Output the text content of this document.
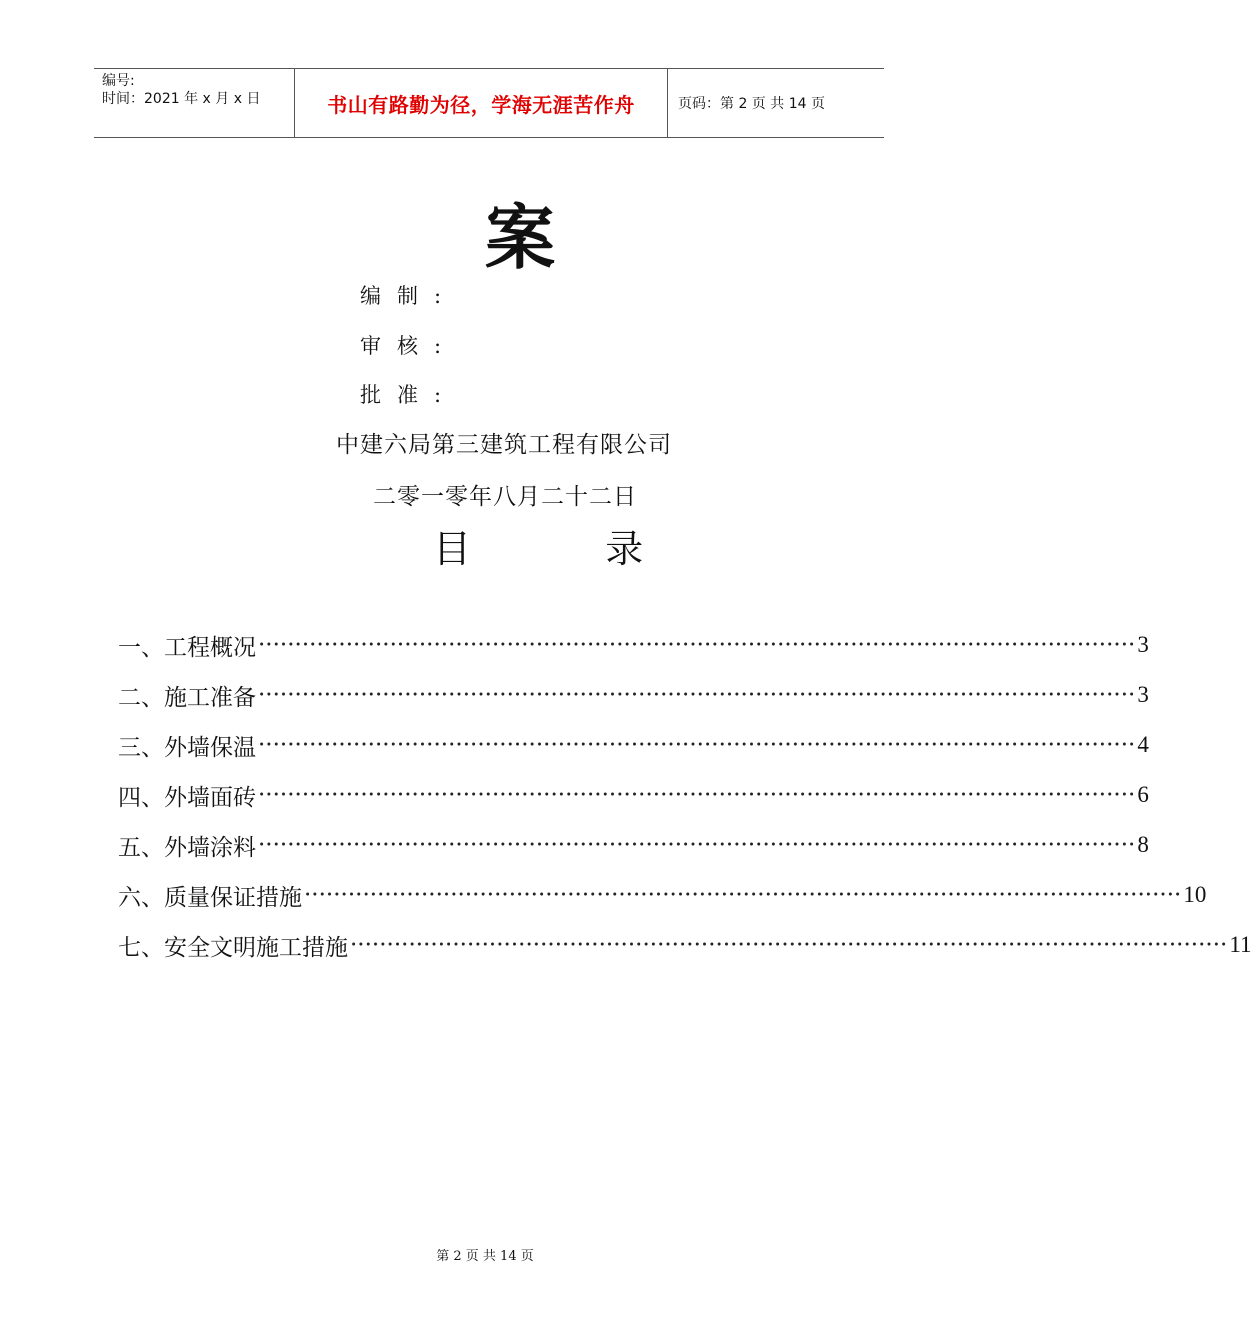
编号:
时间：2021 年 x 月 x 日	书山有路勤为径，学海无涯苦作舟	页码：第 2 页 共 14 页
案
编制:
审核:
批准:
中建六局第三建筑工程有限公司
二零一零年八月二十二日
目	录
一、 工程概况 ························································································································ 3
二、 施工准备 ························································································································ 3
三、 外墙保温 ························································································································ 4
四、 外墙面砖 ························································································································ 6
五、 外墙涂料 ························································································································ 8
六、 质量保证措施 ························································································································ 10
七、 安全文明施工措施 ························································································································ 11
第 2 页 共 14 页
